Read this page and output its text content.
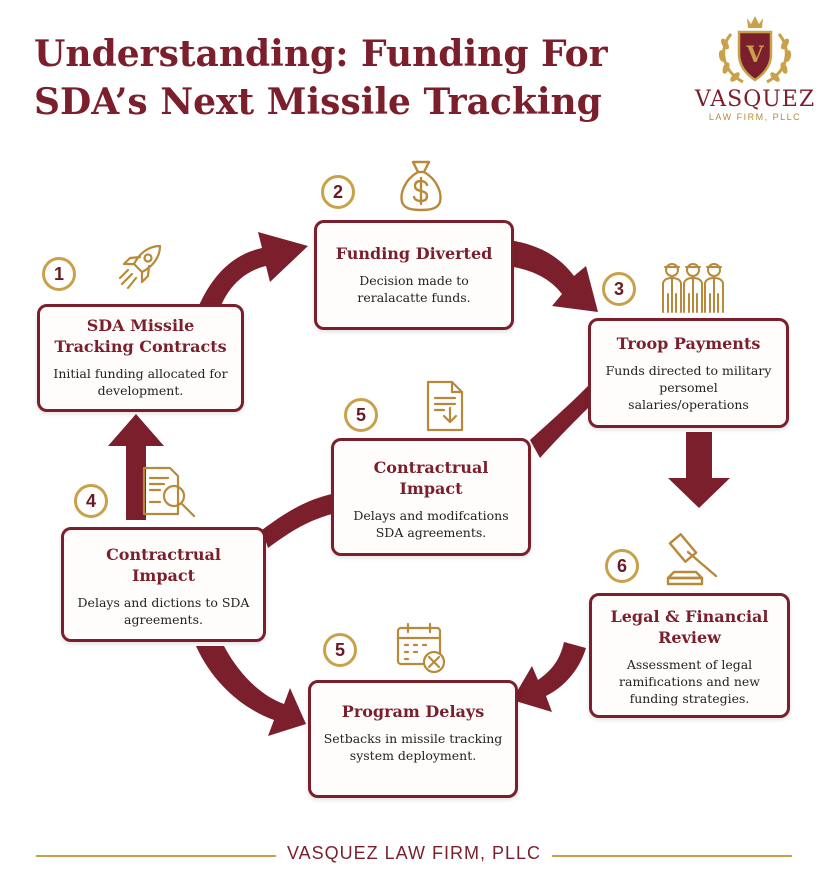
Understanding: Funding For
SDA’s Next Missile Tracking
V
VASQUEZ
LAW FIRM, PLLC
SDA Missile Tracking Contracts

Initial funding allocated for development.

Funding Diverted

Decision made to reralacatte funds.

Troop Payments

Funds directed to military persomel salaries/operations

Contractrual Impact

Delays and modifcations SDA agreements.

Contractrual Impact

Delays and dictions to SDA agreements.	Legal & Financial Review

Assessment of legal ramifıcations and new funding strategies.

Program Delays

Setbacks in missile tracking system deployment.

1
2
3
5
4
6
5
VASQUEZ LAW FIRM, PLLC
